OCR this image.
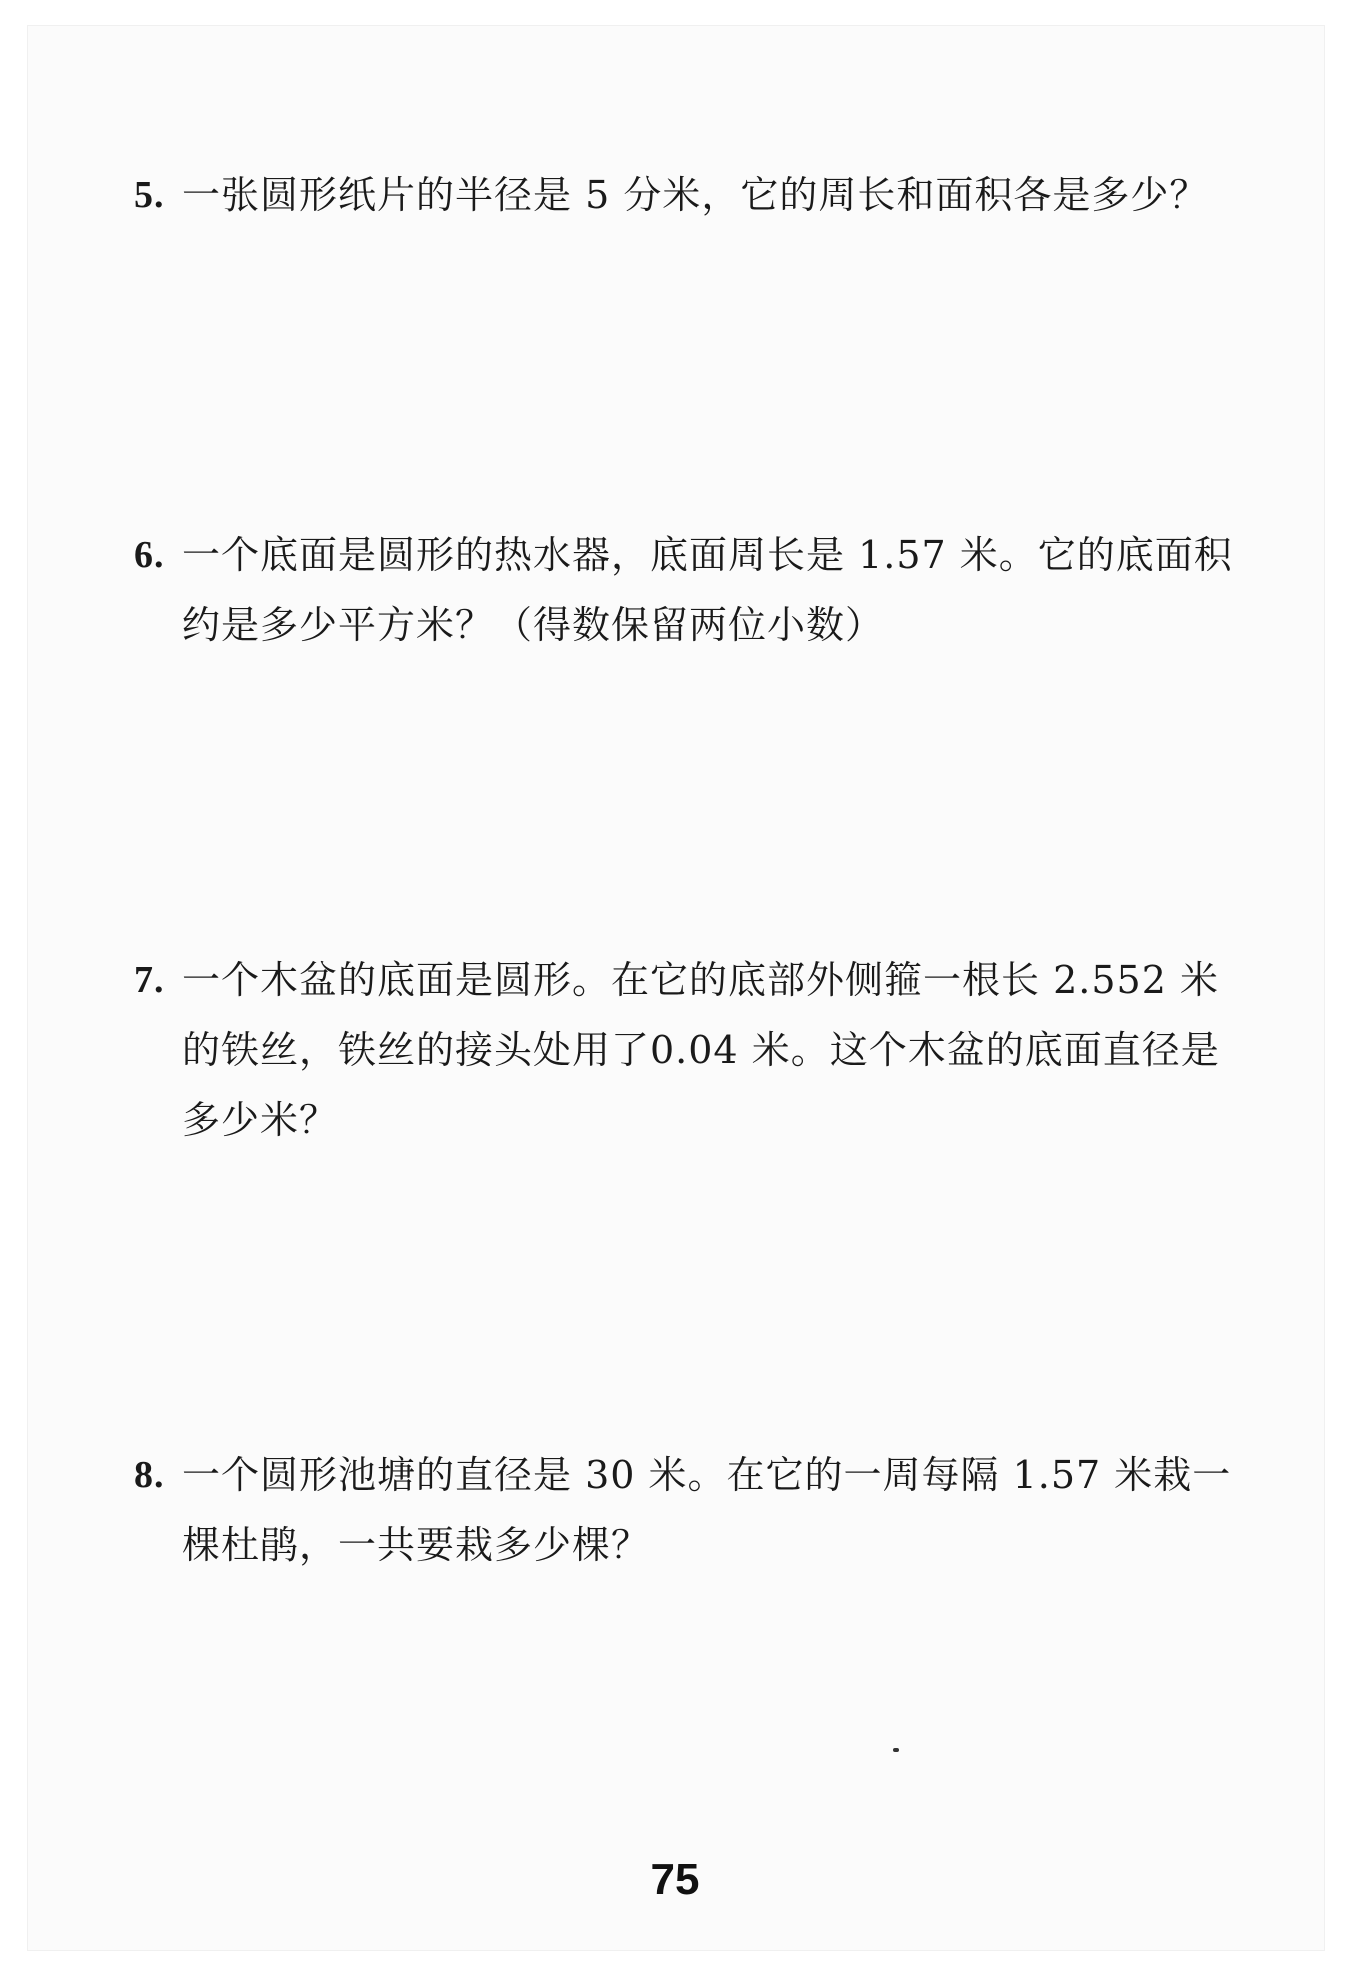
5. 一张圆形纸片的半径是 5 分米，它的周长和面积各是多少？
6. 一个底面是圆形的热水器，底面周长是 1.57 米。它的底面积
约是多少平方米？（得数保留两位小数）
7. 一个木盆的底面是圆形。在它的底部外侧箍一根长 2.552 米
的铁丝，铁丝的接头处用了0.04 米。这个木盆的底面直径是
多少米？
8. 一个圆形池塘的直径是 30 米。在它的一周每隔 1.57 米栽一
棵杜鹃，一共要栽多少棵？
75
